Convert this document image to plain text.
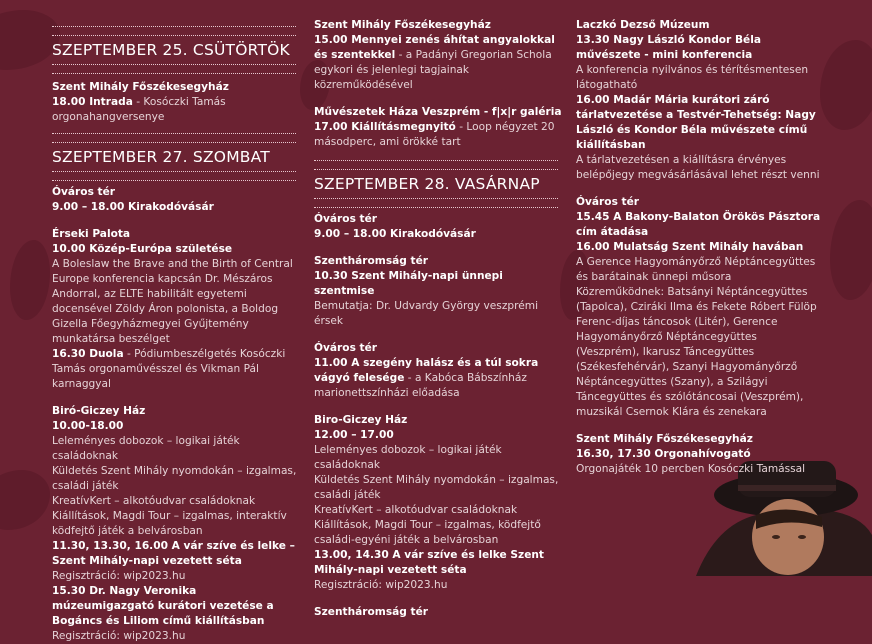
SZEPTEMBER 25. CSÜTÖRTÖK
Szent Mihály Főszékesegyház
18.00 Intrada - Kosóczki Tamás orgonahangversenye
SZEPTEMBER 27. SZOMBAT
Óváros tér
9.00 – 18.00 Kirakodóvásár
Érseki Palota
10.00 Közép-Európa születése
A Boleslaw the Brave and the Birth of Central Europe konferencia kapcsán Dr. Mészáros Andorral, az ELTE habilitált egyetemi docensével Zöldy Áron polonista, a Boldog Gizella Főegyházmegyei Gyűjtemény munkatársa beszélget
16.30 Duola - Pódiumbeszélgetés Kosóczki Tamás orgonaművésszel és Vikman Pál karnaggyal
Biró-Giczey Ház
10.00-18.00
Leleményes dobozok – logikai játék családoknak
Küldetés Szent Mihály nyomdokán – izgalmas, családi játék
KreatívKert – alkotóudvar családoknak
Kiállítások, Magdi Tour – izgalmas, interaktív ködfejtő játék a belvárosban
11.30, 13.30, 16.00 A vár szíve és lelke – Szent Mihály-napi vezetett séta
Regisztráció: wip2023.hu
15.30 Dr. Nagy Veronika múzeumigazgató kurátori vezetése a Bogáncs és Liliom című kiállításban
Regisztráció: wip2023.hu
Szent Mihály Főszékesegyház
15.00 Mennyei zenés áhítat angyalokkal és szentekkel - a Padányi Gregorian Schola egykori és jelenlegi tagjainak közreműködésével
Művészetek Háza Veszprém - f|x|r galéria
17.00 Kiállításmegnyitó - Loop négyzet 20 másodperc, ami örökké tart
SZEPTEMBER 28. VASÁRNAP
Óváros tér
9.00 – 18.00 Kirakodóvásár
Szentháromság tér
10.30 Szent Mihály-napi ünnepi szentmise
Bemutatja: Dr. Udvardy György veszprémi érsek
Óváros tér
11.00 A szegény halász és a túl sokra vágyó felesége - a Kabóca Bábszínház marionettszínházi előadása
Biro-Giczey Ház
12.00 – 17.00
Leleményes dobozok – logikai játék családoknak
Küldetés Szent Mihály nyomdokán – izgalmas, családi játék
KreatívKert – alkotóudvar családoknak
Kiállítások, Magdi Tour – izgalmas, ködfejtő családi-egyéni játék a belvárosban
13.00, 14.30 A vár szíve és lelke Szent Mihály-napi vezetett séta
Regisztráció: wip2023.hu
Szentháromság tér
Laczkó Dezső Múzeum
13.30 Nagy László Kondor Béla művészete - mini konferencia
A konferencia nyilvános és térítésmentesen látogatható
16.00 Madár Mária kurátori záró tárlatvezetése a Testvér-Tehetség: Nagy László és Kondor Béla művészete című kiállításban
A tárlatvezetésen a kiállításra érvényes belépőjegy megvásárlásával lehet részt venni
Óváros tér
15.45 A Bakony-Balaton Örökös Pásztora cím átadása
16.00 Mulatság Szent Mihály havában
A Gerence Hagyományőrző Néptáncegyüttes és barátainak ünnepi műsora Közreműködnek: Batsányi Néptáncegyüttes (Tapolca), Cziráki Ilma és Fekete Róbert Fülöp Ferenc-díjas táncosok (Litér), Gerence Hagyományőrző Néptáncegyüttes (Veszprém), Ikarusz Táncegyüttes (Székesfehérvár), Szanyi Hagyományőrző Néptáncegyüttes (Szany), a Szilágyi Táncegyüttes és szólótáncosai (Veszprém), muzsikál Csernok Klára és zenekara
Szent Mihály Főszékesegyház
16.30, 17.30 Orgonahívogató
Orgonajáték 10 percben Kosóczki Tamással
